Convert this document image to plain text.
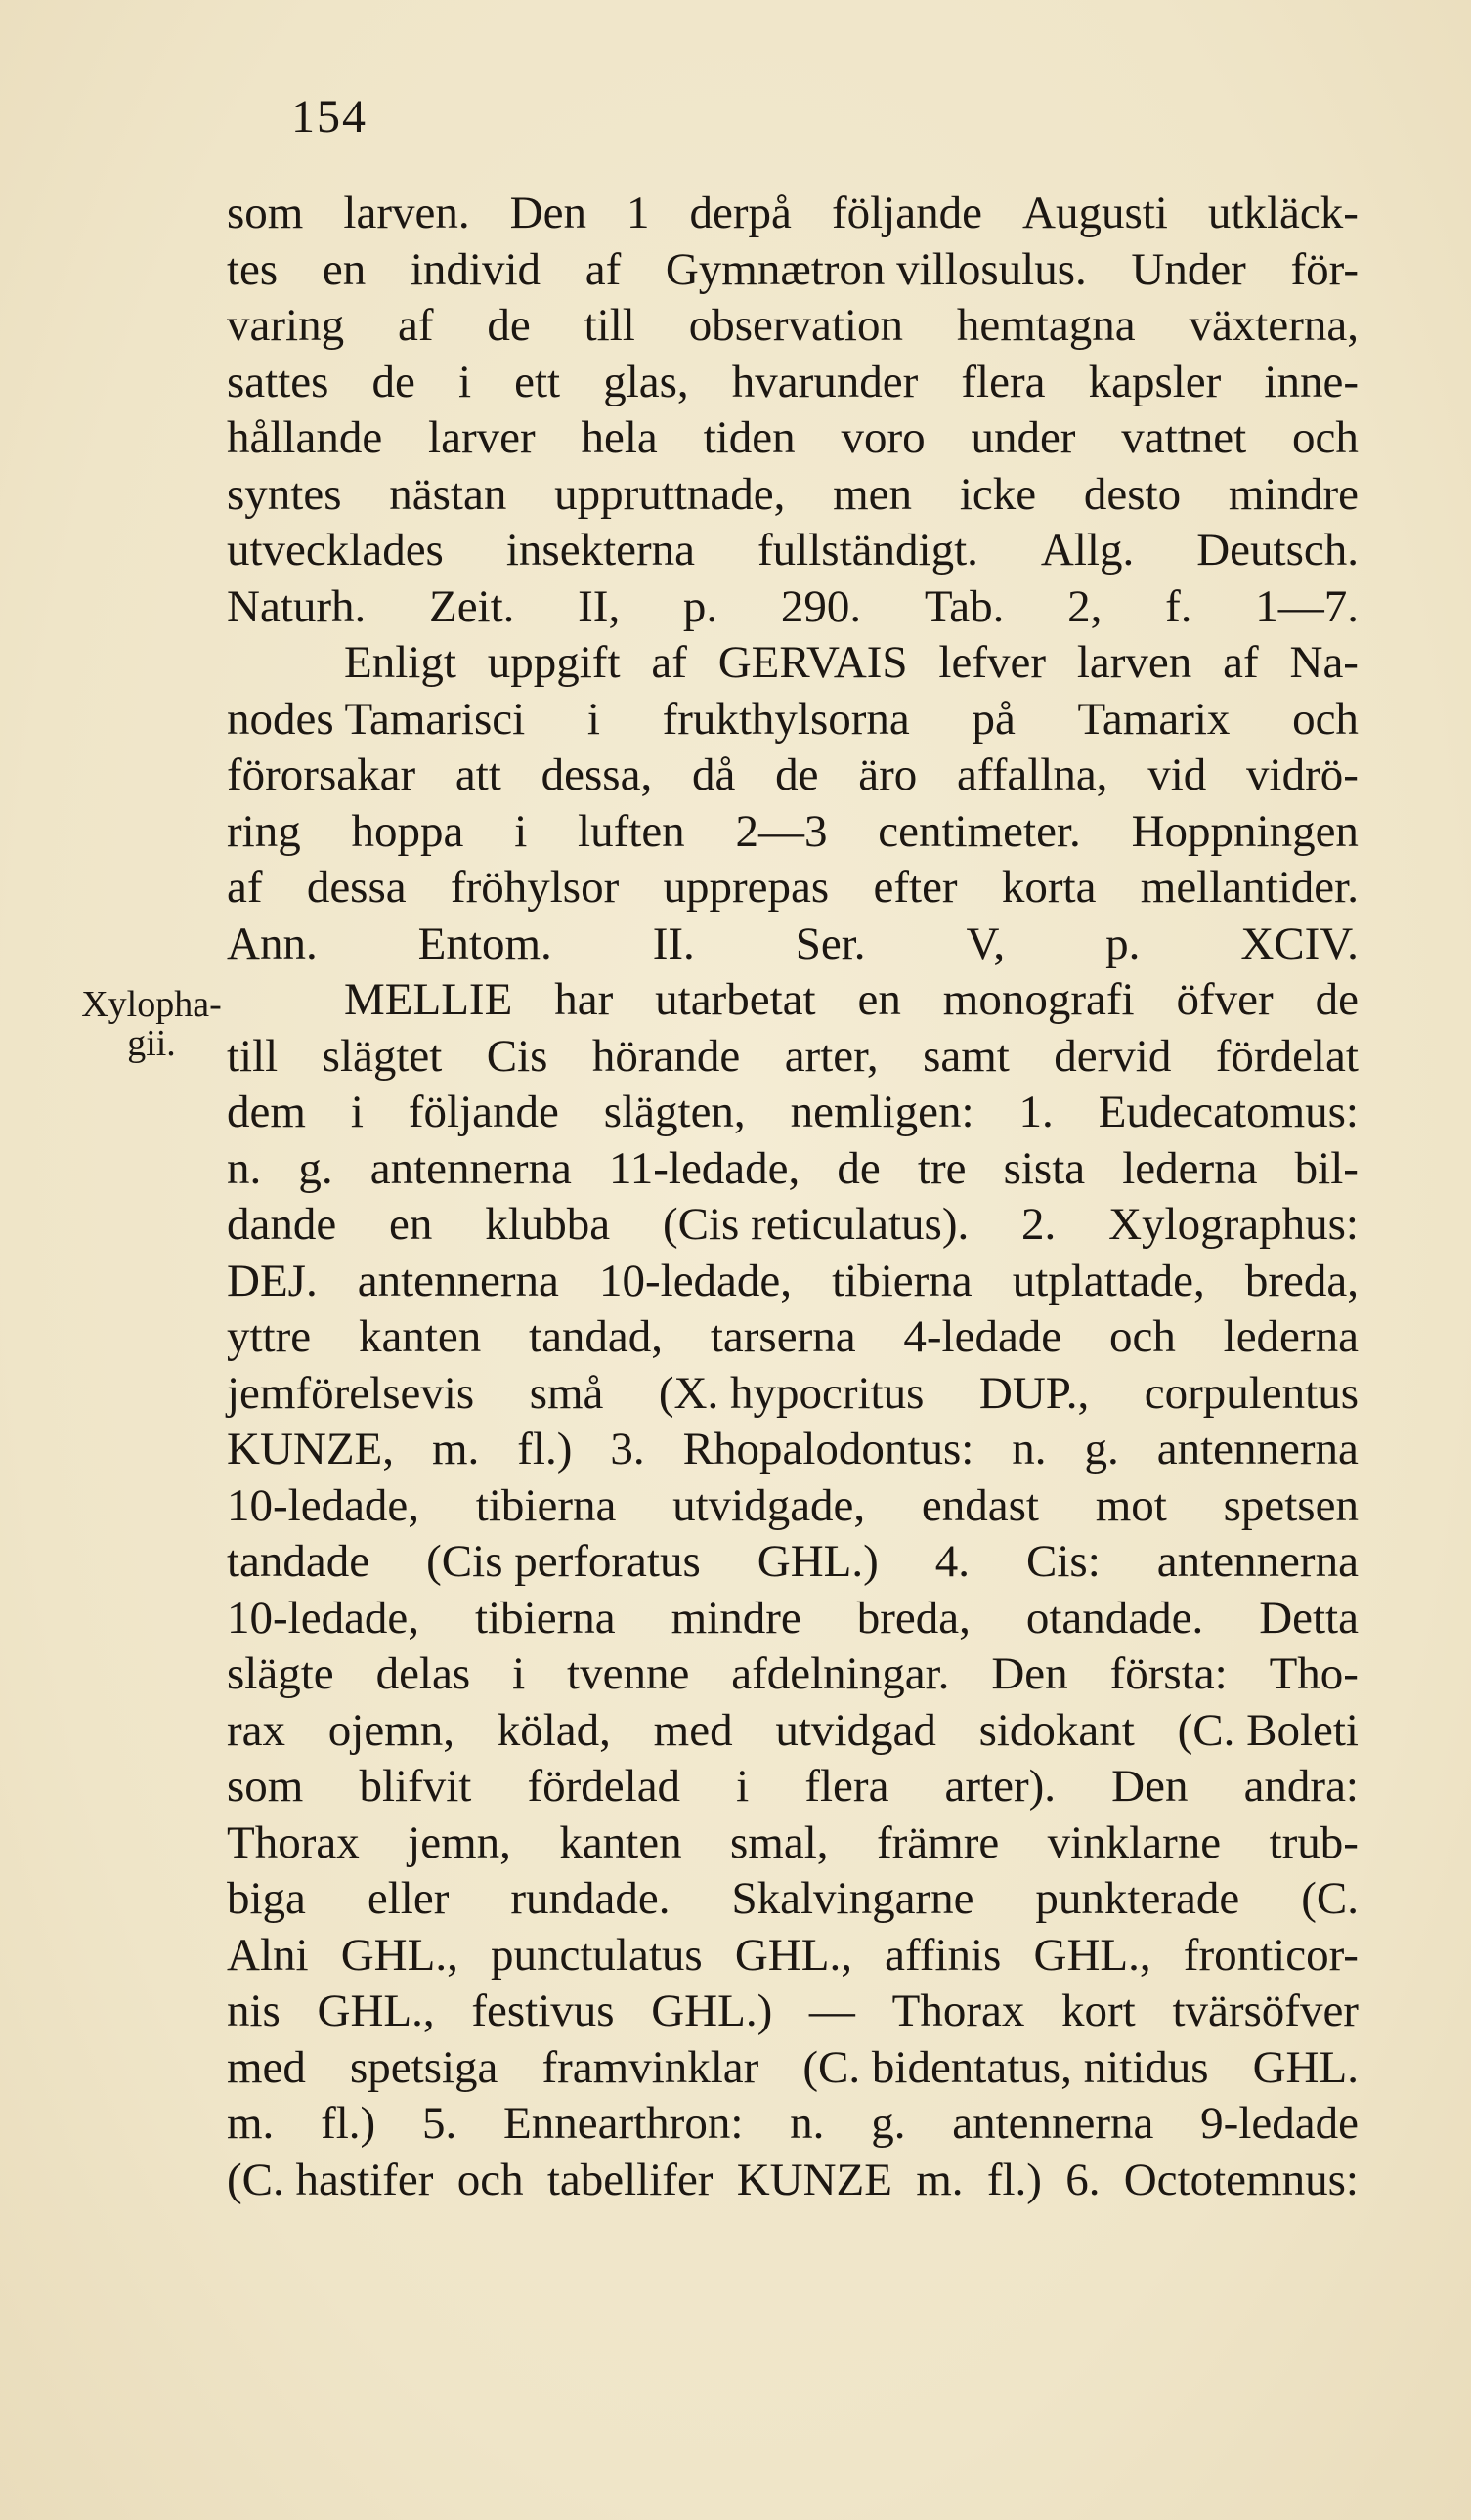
154
Xylopha-
gii.
som larven. Den 1 derpå följande Augusti utkläck-
tes en individ af Gymnætron villosulus. Under för-
varing af de till observation hemtagna växterna,
sattes de i ett glas, hvarunder flera kapsler inne-
hållande larver hela tiden voro under vattnet och
syntes nästan uppruttnade, men icke desto mindre
utvecklades insekterna fullständigt. Allg. Deutsch.
Naturh. Zeit. II, p. 290. Tab. 2, f. 1—7.
Enligt uppgift af GERVAIS lefver larven af Na-
nodes Tamarisci i frukthylsorna på Tamarix och
förorsakar att dessa, då de äro affallna, vid vidrö-
ring hoppa i luften 2—3 centimeter. Hoppningen
af dessa fröhylsor upprepas efter korta mellantider.
Ann. Entom. II. Ser. V, p. XCIV.
MELLIE har utarbetat en monografi öfver de
till slägtet Cis hörande arter, samt dervid fördelat
dem i följande slägten, nemligen: 1. Eudecatomus:
n. g. antennerna 11-ledade, de tre sista lederna bil-
dande en klubba (Cis reticulatus). 2. Xylographus:
DEJ. antennerna 10-ledade, tibierna utplattade, breda,
yttre kanten tandad, tarserna 4-ledade och lederna
jemförelsevis små (X. hypocritus DUP., corpulentus
KUNZE, m. fl.) 3. Rhopalodontus: n. g. antennerna
10-ledade, tibierna utvidgade, endast mot spetsen
tandade (Cis perforatus GHL.) 4. Cis: antennerna
10-ledade, tibierna mindre breda, otandade. Detta
slägte delas i tvenne afdelningar. Den första: Tho-
rax ojemn, kölad, med utvidgad sidokant (C. Boleti
som blifvit fördelad i flera arter). Den andra:
Thorax jemn, kanten smal, främre vinklarne trub-
biga eller rundade. Skalvingarne punkterade (C.
Alni GHL., punctulatus GHL., affinis GHL., fronticor-
nis GHL., festivus GHL.) — Thorax kort tvärsöfver
med spetsiga framvinklar (C. bidentatus, nitidus GHL.
m. fl.) 5. Ennearthron: n. g. antennerna 9-ledade
(C. hastifer och tabellifer KUNZE m. fl.) 6. Octotemnus:
